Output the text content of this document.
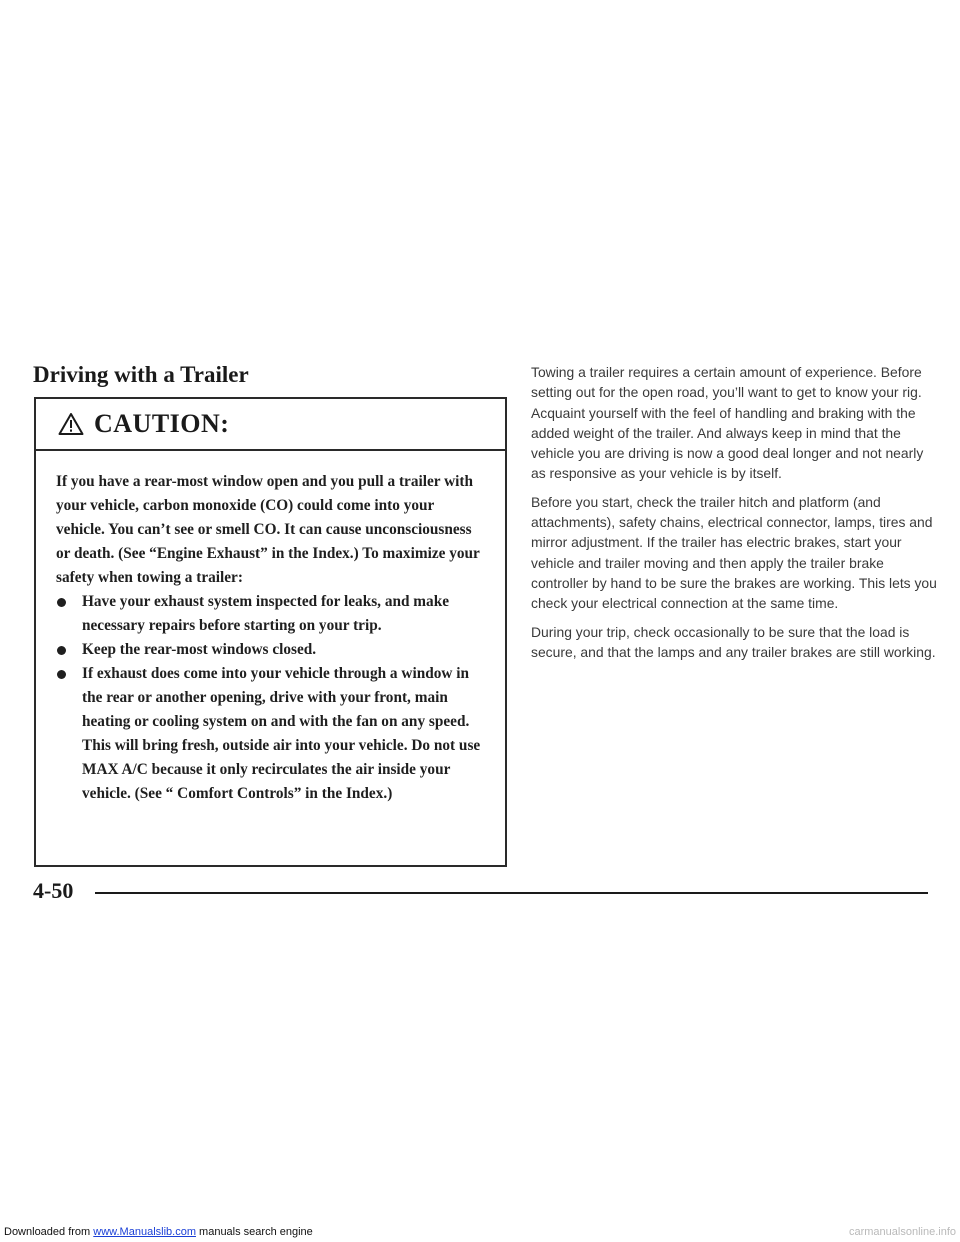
Downloaded from www.Manualslib.com manuals search engine
Driving with a Trailer
CAUTION:

If you have a rear-most window open and you pull a trailer with your vehicle, carbon monoxide (CO) could come into your vehicle. You can’t see or smell CO. It can cause unconsciousness or death. (See “Engine Exhaust” in the Index.) To maximize your safety when towing a trailer:

Have your exhaust system inspected for leaks, and make necessary repairs before starting on your trip.
Keep the rear-most windows closed.
If exhaust does come into your vehicle through a window in the rear or another opening, drive with your front, main heating or cooling system on and with the fan on any speed. This will bring fresh, outside air into your vehicle. Do not use MAX A/C because it only recirculates the air inside your vehicle. (See “ Comfort Controls” in the Index.)

Towing a trailer requires a certain amount of experience. Before setting out for the open road, you’ll want to get to know your rig. Acquaint yourself with the feel of handling and braking with the added weight of the trailer. And always keep in mind that the vehicle you are driving is now a good deal longer and not nearly as responsive as your vehicle is by itself.

Before you start, check the trailer hitch and platform (and attachments), safety chains, electrical connector, lamps, tires and mirror adjustment. If the trailer has electric brakes, start your vehicle and trailer moving and then apply the trailer brake controller by hand to be sure the brakes are working. This lets you check your electrical connection at the same time.

During your trip, check occasionally to be sure that the load is secure, and that the lamps and any trailer brakes are still working.

4-50
carmanualsonline.info
